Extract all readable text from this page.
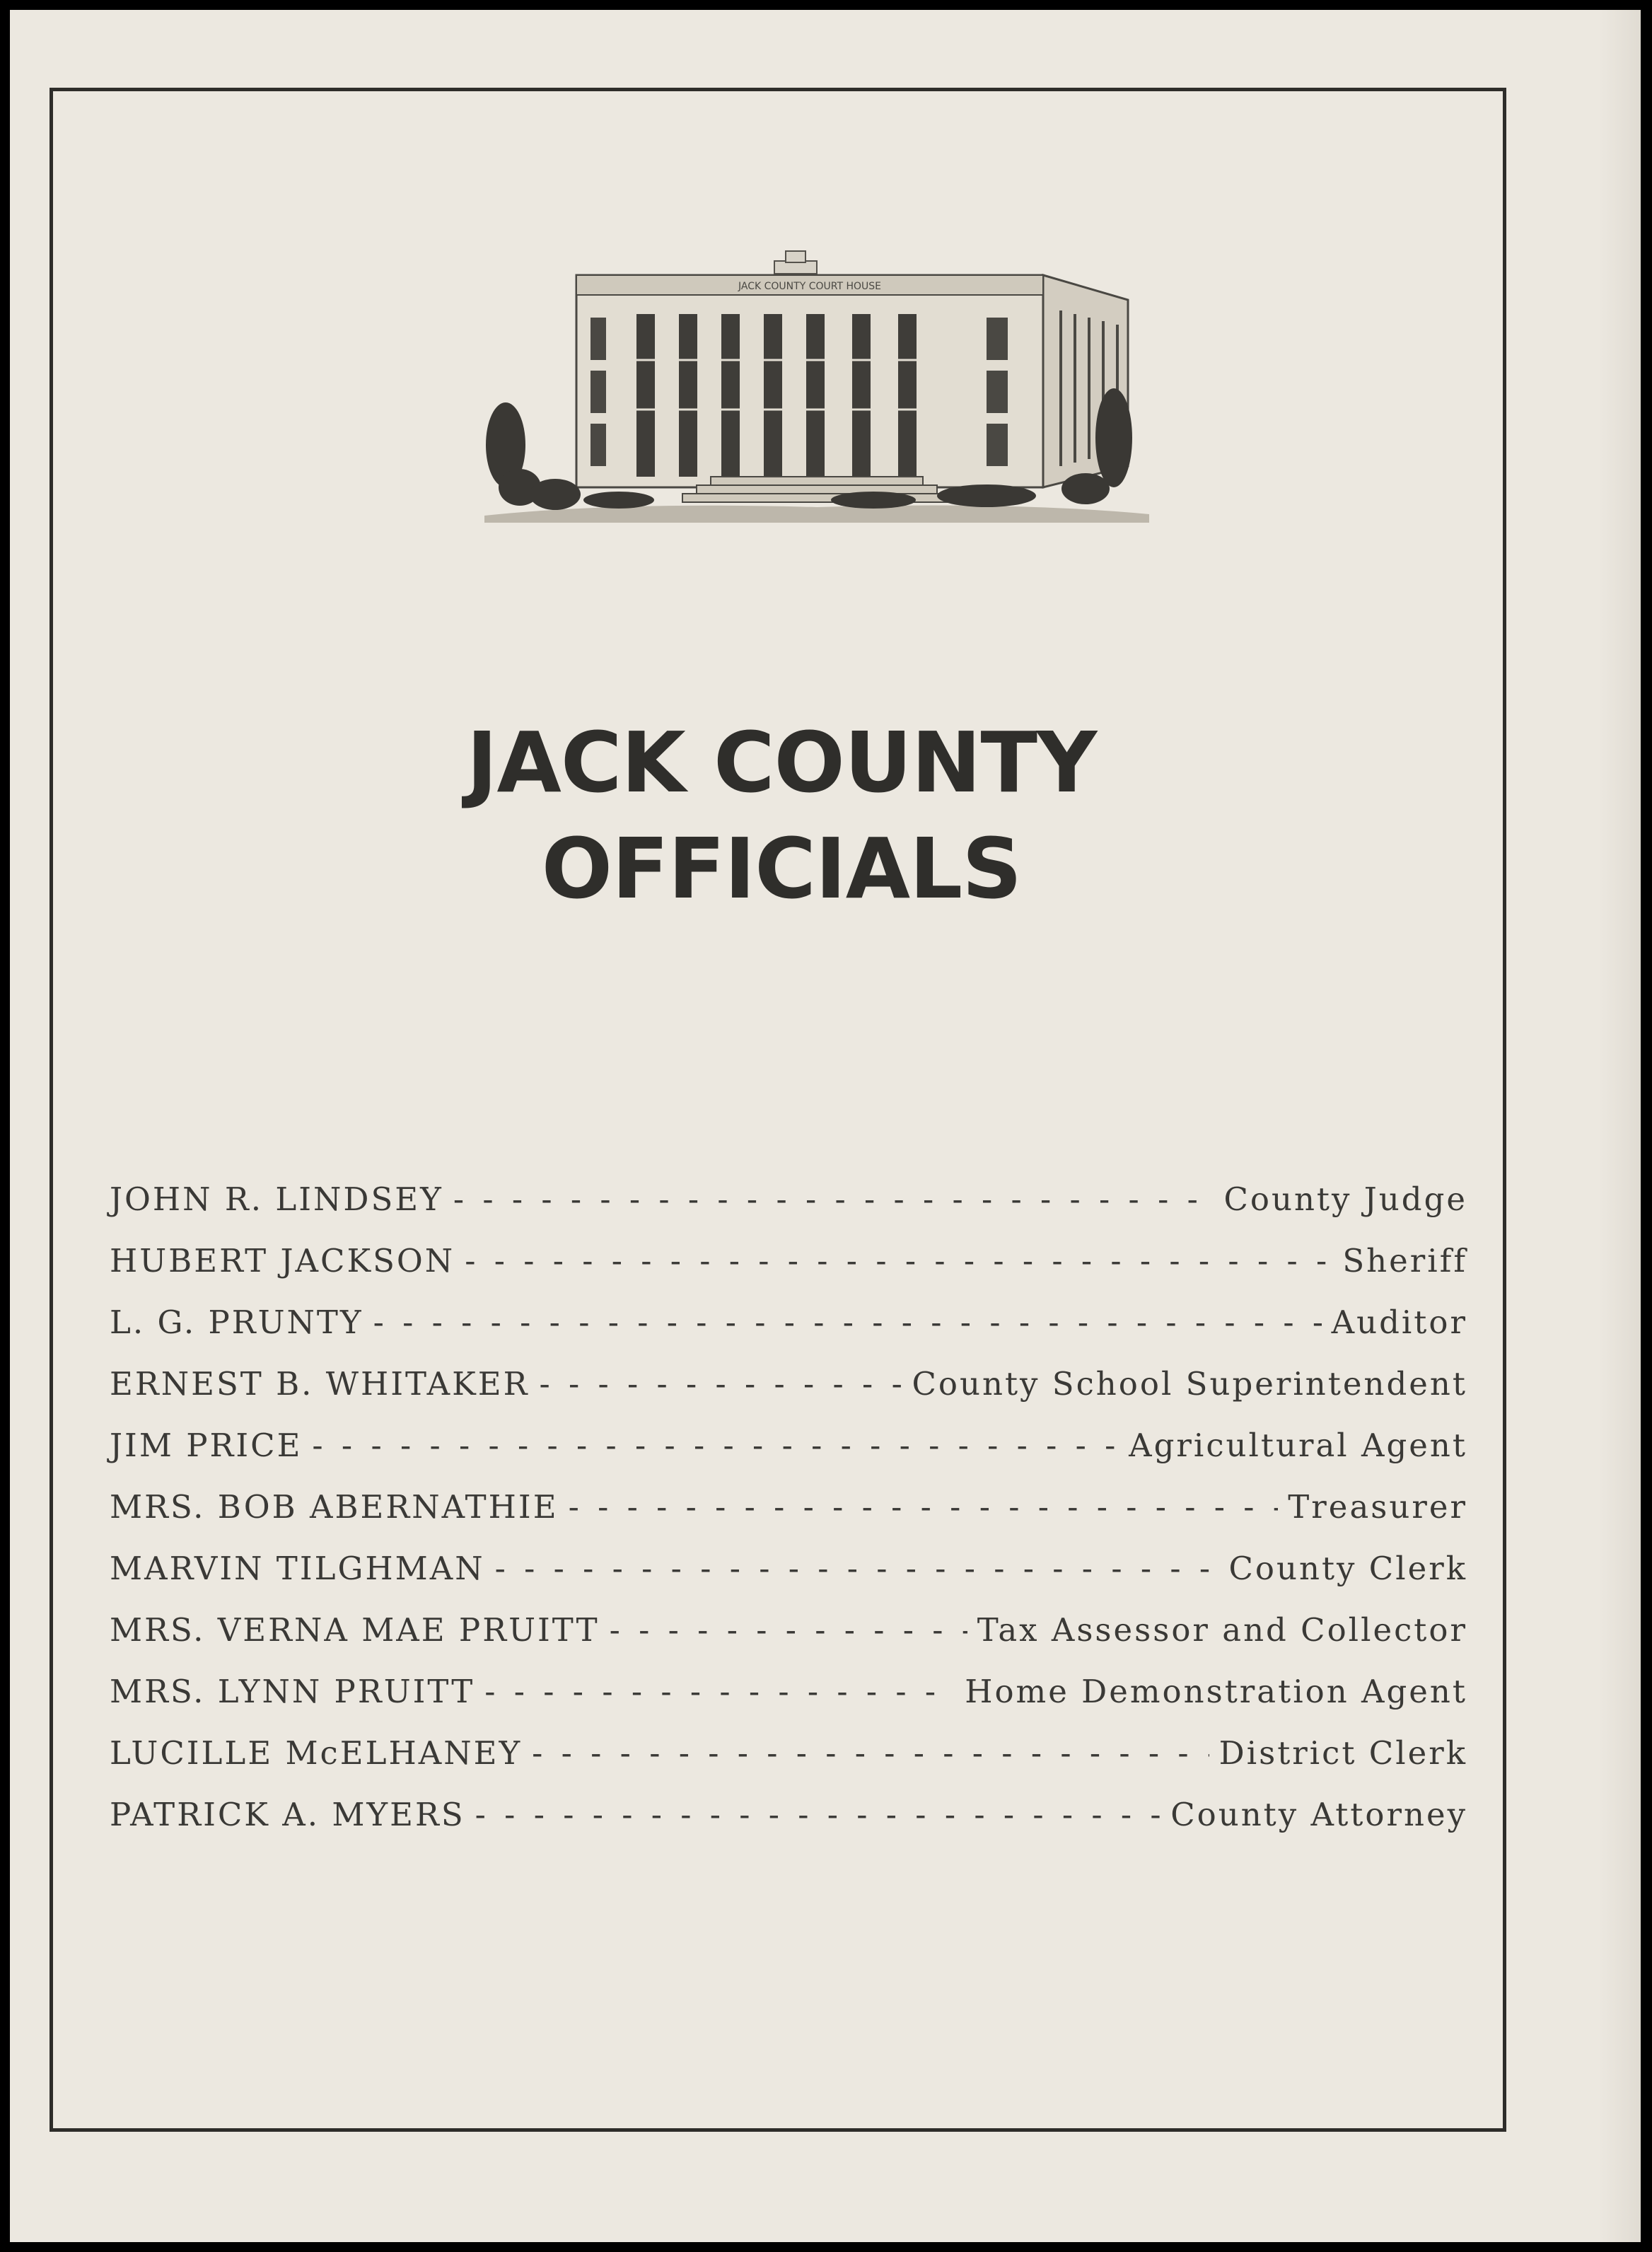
JACK COUNTY COURT HOUSE
JACK COUNTY
OFFICIALS
JOHN R. LINDSEY - - -	County Judge
HUBERT JACKSON - - -	Sheriff
L. G. PRUNTY - - -	Auditor
ERNEST B. WHITAKER - - -	County School Superintendent
JIM PRICE - - -	Agricultural Agent
MRS. BOB ABERNATHIE - - -	Treasurer
MARVIN TILGHMAN - - -	County Clerk
MRS. VERNA MAE PRUITT - - -	Tax Assessor and Collector
MRS. LYNN PRUITT - - -	Home Demonstration Agent
LUCILLE McELHANEY - - -	District Clerk
PATRICK A. MYERS - - -	County Attorney
